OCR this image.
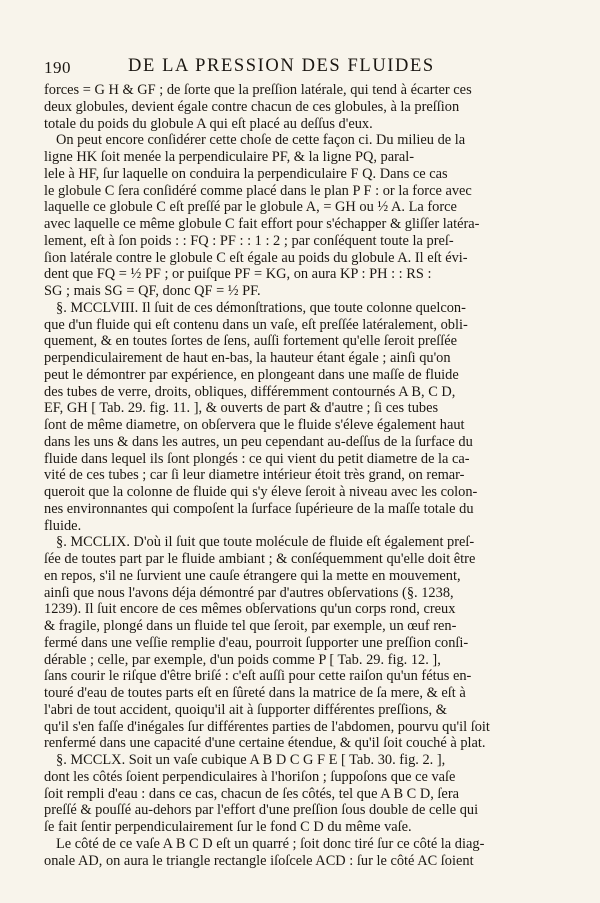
190	DE LA PRESSION DES FLUIDES
forces = G H & GF ; de ſorte que la preſſion latérale, qui tend à écarter ces
deux globules, devient égale contre chacun de ces globules, à la preſſion
totale du poids du globule A qui eſt placé au deſſus d'eux.
On peut encore conſidérer cette choſe de cette façon ci. Du milieu de la
ligne HK ſoit menée la perpendiculaire PF, & la ligne PQ, paral-
lele à HF, ſur laquelle on conduira la perpendiculaire F Q. Dans ce cas
le globule C ſera conſidéré comme placé dans le plan P F : or la force avec
laquelle ce globule C eſt preſſé par le globule A, = GH ou ½ A. La force
avec laquelle ce même globule C fait effort pour s'échapper & gliſſer latéra-
lement, eſt à ſon poids : : FQ : PF : : 1 : 2 ; par conſéquent toute la preſ-
ſion latérale contre le globule C eſt égale au poids du globule A. Il eſt évi-
dent que FQ = ½ PF ; or puiſque PF = KG, on aura KP : PH : : RS :
SG ; mais SG = QF, donc QF = ½ PF.
§. MCCLVIII. Il ſuit de ces démonſtrations, que toute colonne quelcon-
que d'un fluide qui eſt contenu dans un vaſe, eſt preſſée latéralement, obli-
quement, & en toutes ſortes de ſens, auſſi fortement qu'elle ſeroit preſſée
perpendiculairement de haut en-bas, la hauteur étant égale ; ainſi qu'on
peut le démontrer par expérience, en plongeant dans une maſſe de fluide
des tubes de verre, droits, obliques, différemment contournés A B, C D,
EF, GH [ Tab. 29. fig. 11. ], & ouverts de part & d'autre ; ſi ces tubes
ſont de même diametre, on obſervera que le fluide s'éleve également haut
dans les uns & dans les autres, un peu cependant au-deſſus de la ſurface du
fluide dans lequel ils ſont plongés : ce qui vient du petit diametre de la ca-
vité de ces tubes ; car ſi leur diametre intérieur étoit très grand, on remar-
queroit que la colonne de fluide qui s'y éleve ſeroit à niveau avec les colon-
nes environnantes qui compoſent la ſurface ſupérieure de la maſſe totale du
fluide.
§. MCCLIX. D'où il ſuit que toute molécule de fluide eſt également preſ-
ſée de toutes part par le fluide ambiant ; & conſéquemment qu'elle doit être
en repos, s'il ne ſurvient une cauſe étrangere qui la mette en mouvement,
ainſi que nous l'avons déja démontré par d'autres obſervations (§. 1238,
1239). Il ſuit encore de ces mêmes obſervations qu'un corps rond, creux
& fragile, plongé dans un fluide tel que ſeroit, par exemple, un œuf ren-
fermé dans une veſſie remplie d'eau, pourroit ſupporter une preſſion conſi-
dérable ; celle, par exemple, d'un poids comme P [ Tab. 29. fig. 12. ],
ſans courir le riſque d'être briſé : c'eſt auſſi pour cette raiſon qu'un fétus en-
touré d'eau de toutes parts eſt en ſûreté dans la matrice de ſa mere, & eſt à
l'abri de tout accident, quoiqu'il ait à ſupporter différentes preſſions, &
qu'il s'en faſſe d'inégales ſur différentes parties de l'abdomen, pourvu qu'il ſoit
renfermé dans une capacité d'une certaine étendue, & qu'il ſoit couché à plat.
§. MCCLX. Soit un vaſe cubique A B D C G F E [ Tab. 30. fig. 2. ],
dont les côtés ſoient perpendiculaires à l'horiſon ; ſuppoſons que ce vaſe
ſoit rempli d'eau : dans ce cas, chacun de ſes côtés, tel que A B C D, ſera
preſſé & pouſſé au-dehors par l'effort d'une preſſion ſous double de celle qui
ſe fait ſentir perpendiculairement ſur le fond C D du même vaſe.
Le côté de ce vaſe A B C D eſt un quarré ; ſoit donc tiré ſur ce côté la diag-
onale AD, on aura le triangle rectangle iſoſcele ACD : ſur le côté AC ſoient
